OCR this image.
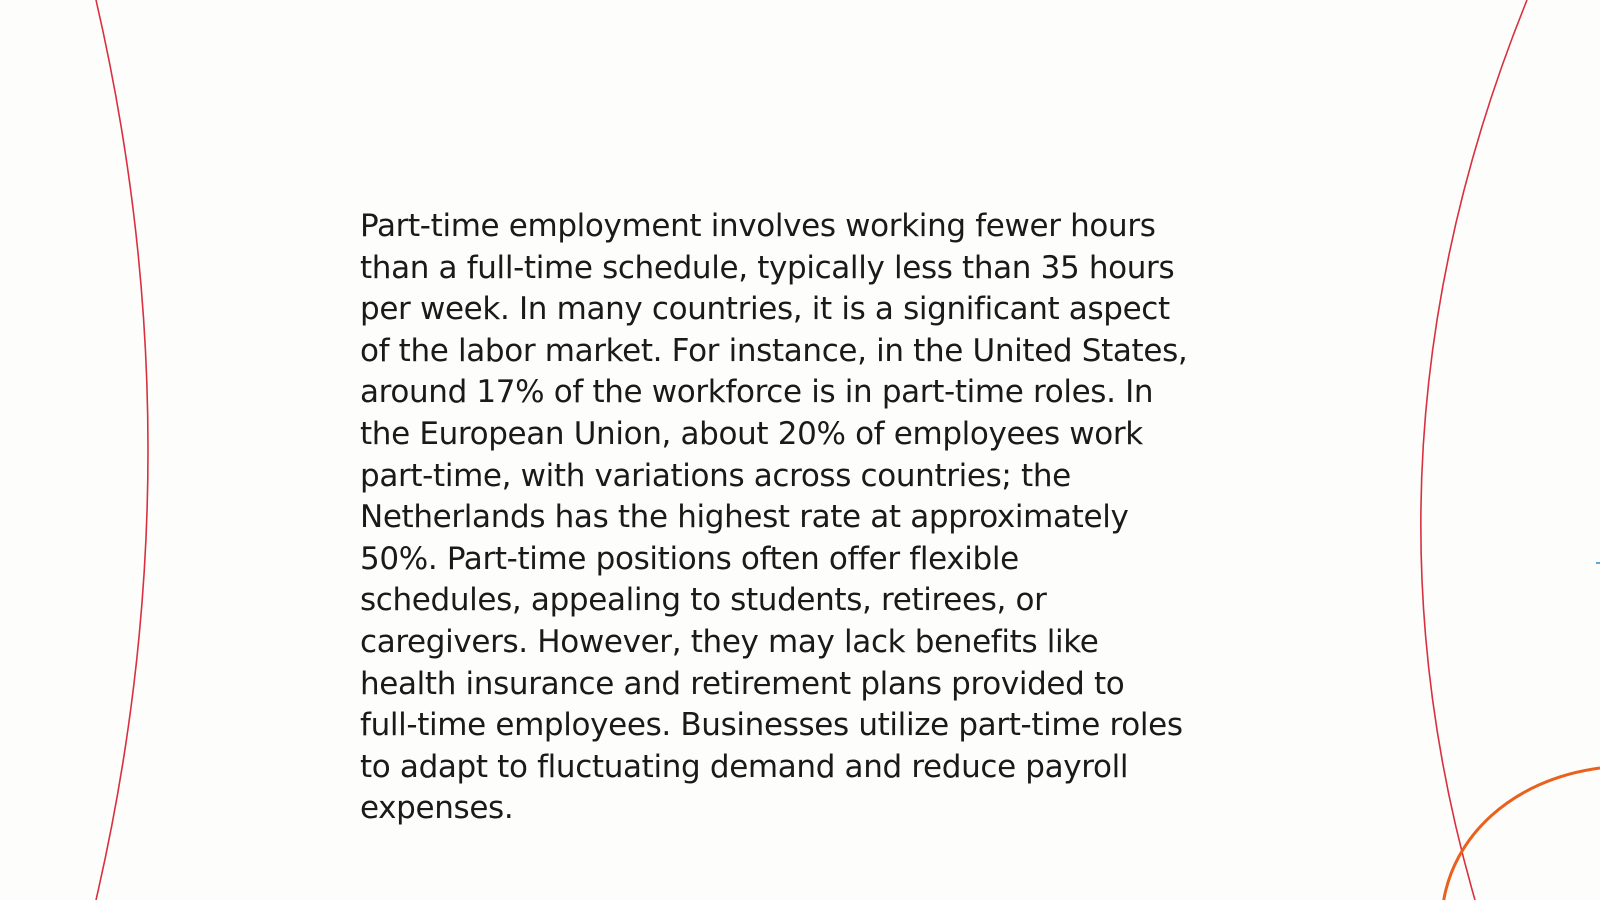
Part-time employment involves working fewer hours
than a full-time schedule, typically less than 35 hours
per week. In many countries, it is a significant aspect
of the labor market. For instance, in the United States,
around 17% of the workforce is in part-time roles. In
the European Union, about 20% of employees work
part-time, with variations across countries; the
Netherlands has the highest rate at approximately
50%. Part-time positions often offer flexible
schedules, appealing to students, retirees, or
caregivers. However, they may lack benefits like
health insurance and retirement plans provided to
full-time employees. Businesses utilize part-time roles
to adapt to fluctuating demand and reduce payroll
expenses.
